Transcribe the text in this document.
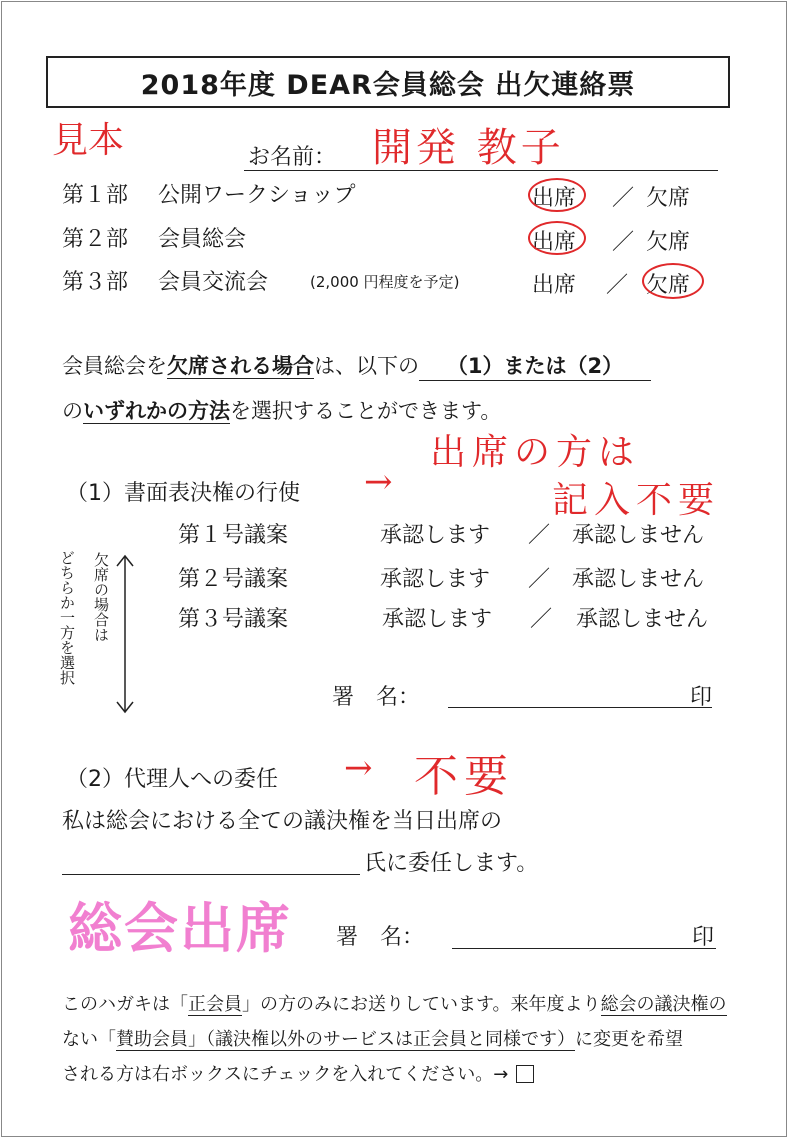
2018年度 DEAR会員総会 出欠連絡票
見本	お名前： 開発 教子
第１部 公開ワークショップ	出席 ／ 欠席
第２部 会員総会	出席 ／ 欠席
第３部 会員交流会	(2,000 円程度を予定)	出席 ／ 欠席
会員総会を欠席される場合は、以下の （1）または（2）
のいずれかの方法を選択することができます。
（1）書面表決権の行使 →
出席の方は
記入不要
第１号議案	承認します ／ 承認しません
第２号議案	承認します ／ 承認しません
第３号議案	承認します ／ 承認しません
欠席の場合は
どちらか一方を選択
署　名：	印
（2）代理人への委任 → 不要
私は総会における全ての議決権を当日出席の
氏に委任します。
総会出席 署　名：	印
このハガキは「正会員」の方のみにお送りしています。来年度より総会の議決権の
ない「賛助会員」（議決権以外のサービスは正会員と同様です）に変更を希望
される方は右ボックスにチェックを入れてください。→
